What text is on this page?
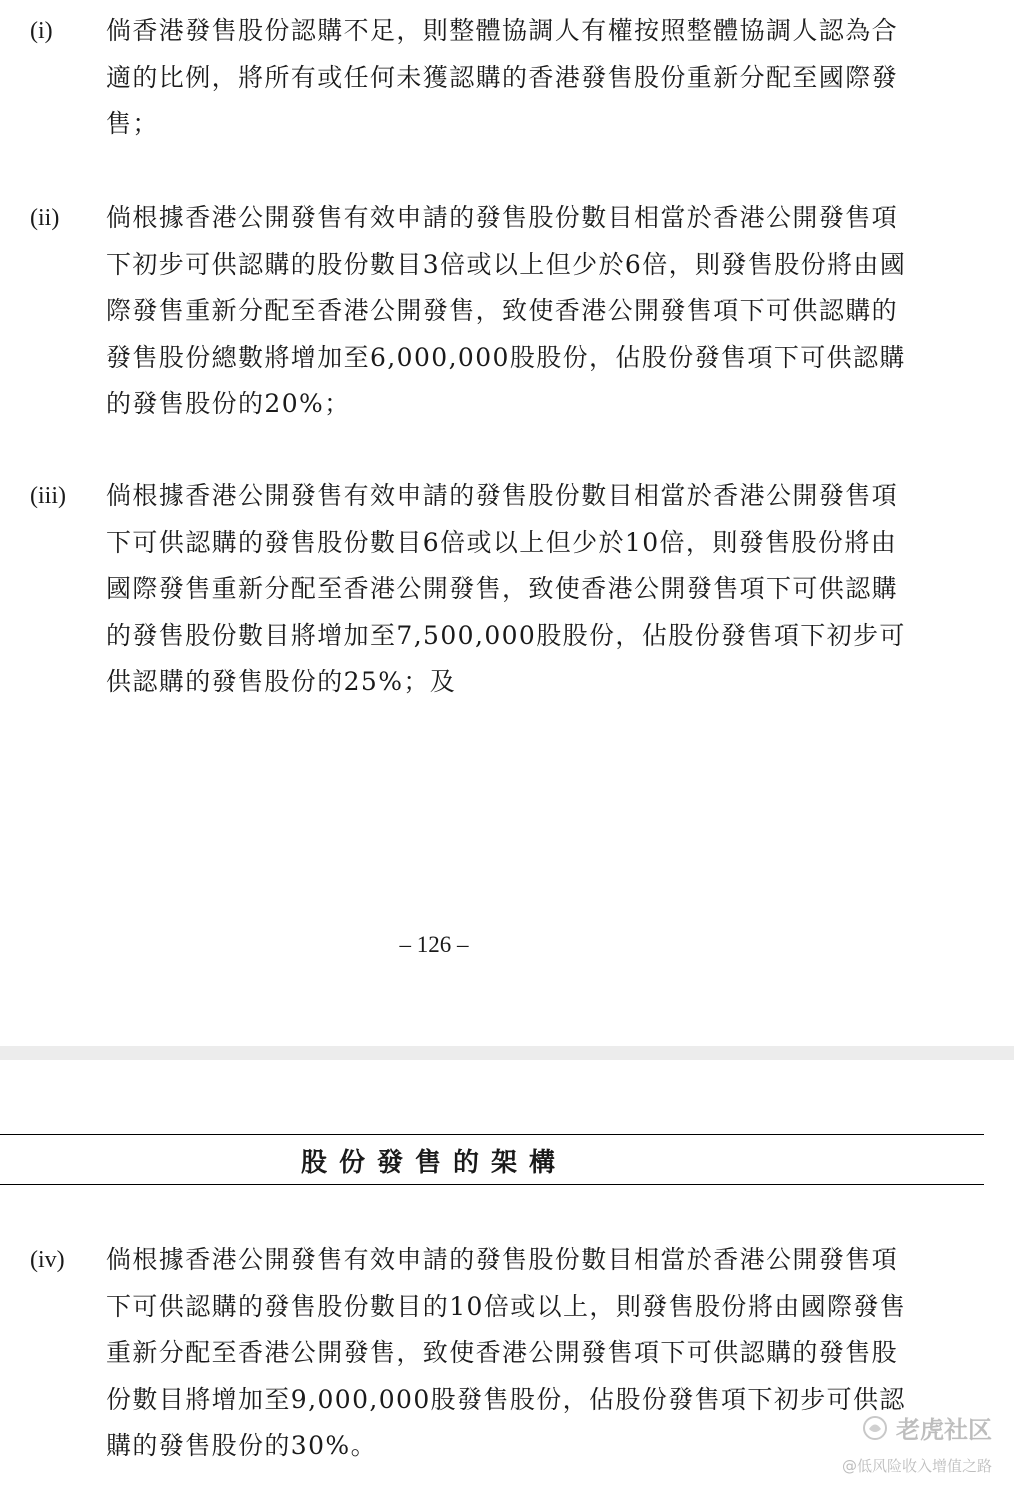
(i) 倘香港發售股份認購不足，則整體協調人有權按照整體協調人認為合
適的比例，將所有或任何未獲認購的香港發售股份重新分配至國際發
售；
(ii) 倘根據香港公開發售有效申請的發售股份數目相當於香港公開發售項
下初步可供認購的股份數目3倍或以上但少於6倍，則發售股份將由國
際發售重新分配至香港公開發售，致使香港公開發售項下可供認購的
發售股份總數將增加至6,000,000股股份，佔股份發售項下可供認購
的發售股份的20%；
(iii) 倘根據香港公開發售有效申請的發售股份數目相當於香港公開發售項
下可供認購的發售股份數目6倍或以上但少於10倍，則發售股份將由
國際發售重新分配至香港公開發售，致使香港公開發售項下可供認購
的發售股份數目將增加至7,500,000股股份，佔股份發售項下初步可
供認購的發售股份的25%；及
– 126 –
股份發售的架構
(iv) 倘根據香港公開發售有效申請的發售股份數目相當於香港公開發售項
下可供認購的發售股份數目的10倍或以上，則發售股份將由國際發售
重新分配至香港公開發售，致使香港公開發售項下可供認購的發售股
份數目將增加至9,000,000股發售股份，佔股份發售項下初步可供認
購的發售股份的30%。
老虎社区
@低风险收入增值之路
